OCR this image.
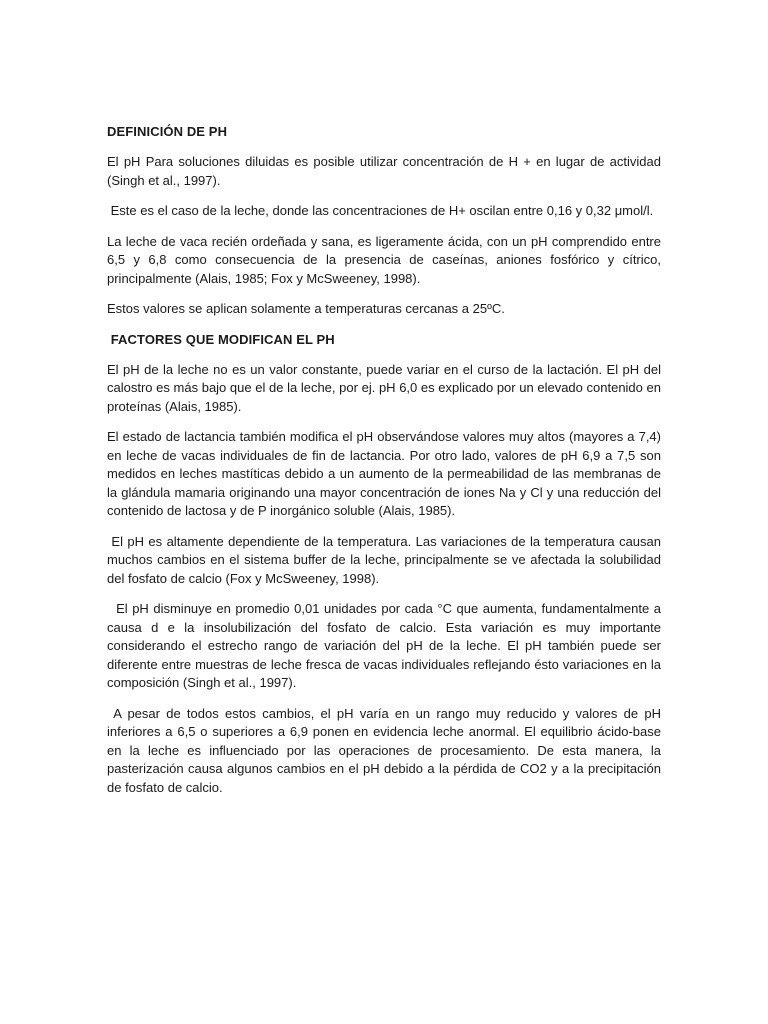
DEFINICIÓN DE PH

El pH Para soluciones diluidas es posible utilizar concentración de H + en lugar de actividad (Singh et al., 1997).

Este es el caso de la leche, donde las concentraciones de H+ oscilan entre 0,16 y 0,32 μmol/l.

La leche de vaca recién ordeñada y sana, es ligeramente ácida, con un pH comprendido entre 6,5 y 6,8 como consecuencia de la presencia de caseínas, aniones fosfórico y cítrico, principalmente (Alais, 1985; Fox y McSweeney, 1998).

Estos valores se aplican solamente a temperaturas cercanas a 25ºC.

FACTORES QUE MODIFICAN EL PH

El pH de la leche no es un valor constante, puede variar en el curso de la lactación. El pH del calostro es más bajo que el de la leche, por ej. pH 6,0 es explicado por un elevado contenido en proteínas (Alais, 1985).

El estado de lactancia también modifica el pH observándose valores muy altos (mayores a 7,4) en leche de vacas individuales de fin de lactancia. Por otro lado, valores de pH 6,9 a 7,5 son medidos en leches mastíticas debido a un aumento de la permeabilidad de las membranas de la glándula mamaria originando una mayor concentración de iones Na y Cl y una reducción del contenido de lactosa y de P inorgánico soluble (Alais, 1985).

El pH es altamente dependiente de la temperatura. Las variaciones de la temperatura causan muchos cambios en el sistema buffer de la leche, principalmente se ve afectada la solubilidad del fosfato de calcio (Fox y McSweeney, 1998).

El pH disminuye en promedio 0,01 unidades por cada °C que aumenta, fundamentalmente a causa d e la insolubilización del fosfato de calcio. Esta variación es muy importante considerando el estrecho rango de variación del pH de la leche. El pH también puede ser diferente entre muestras de leche fresca de vacas individuales reflejando ésto variaciones en la composición (Singh et al., 1997).

A pesar de todos estos cambios, el pH varía en un rango muy reducido y valores de pH inferiores a 6,5 o superiores a 6,9 ponen en evidencia leche anormal. El equilibrio ácido-base en la leche es influenciado por las operaciones de procesamiento. De esta manera, la pasterización causa algunos cambios en el pH debido a la pérdida de CO2 y a la precipitación de fosfato de calcio.
